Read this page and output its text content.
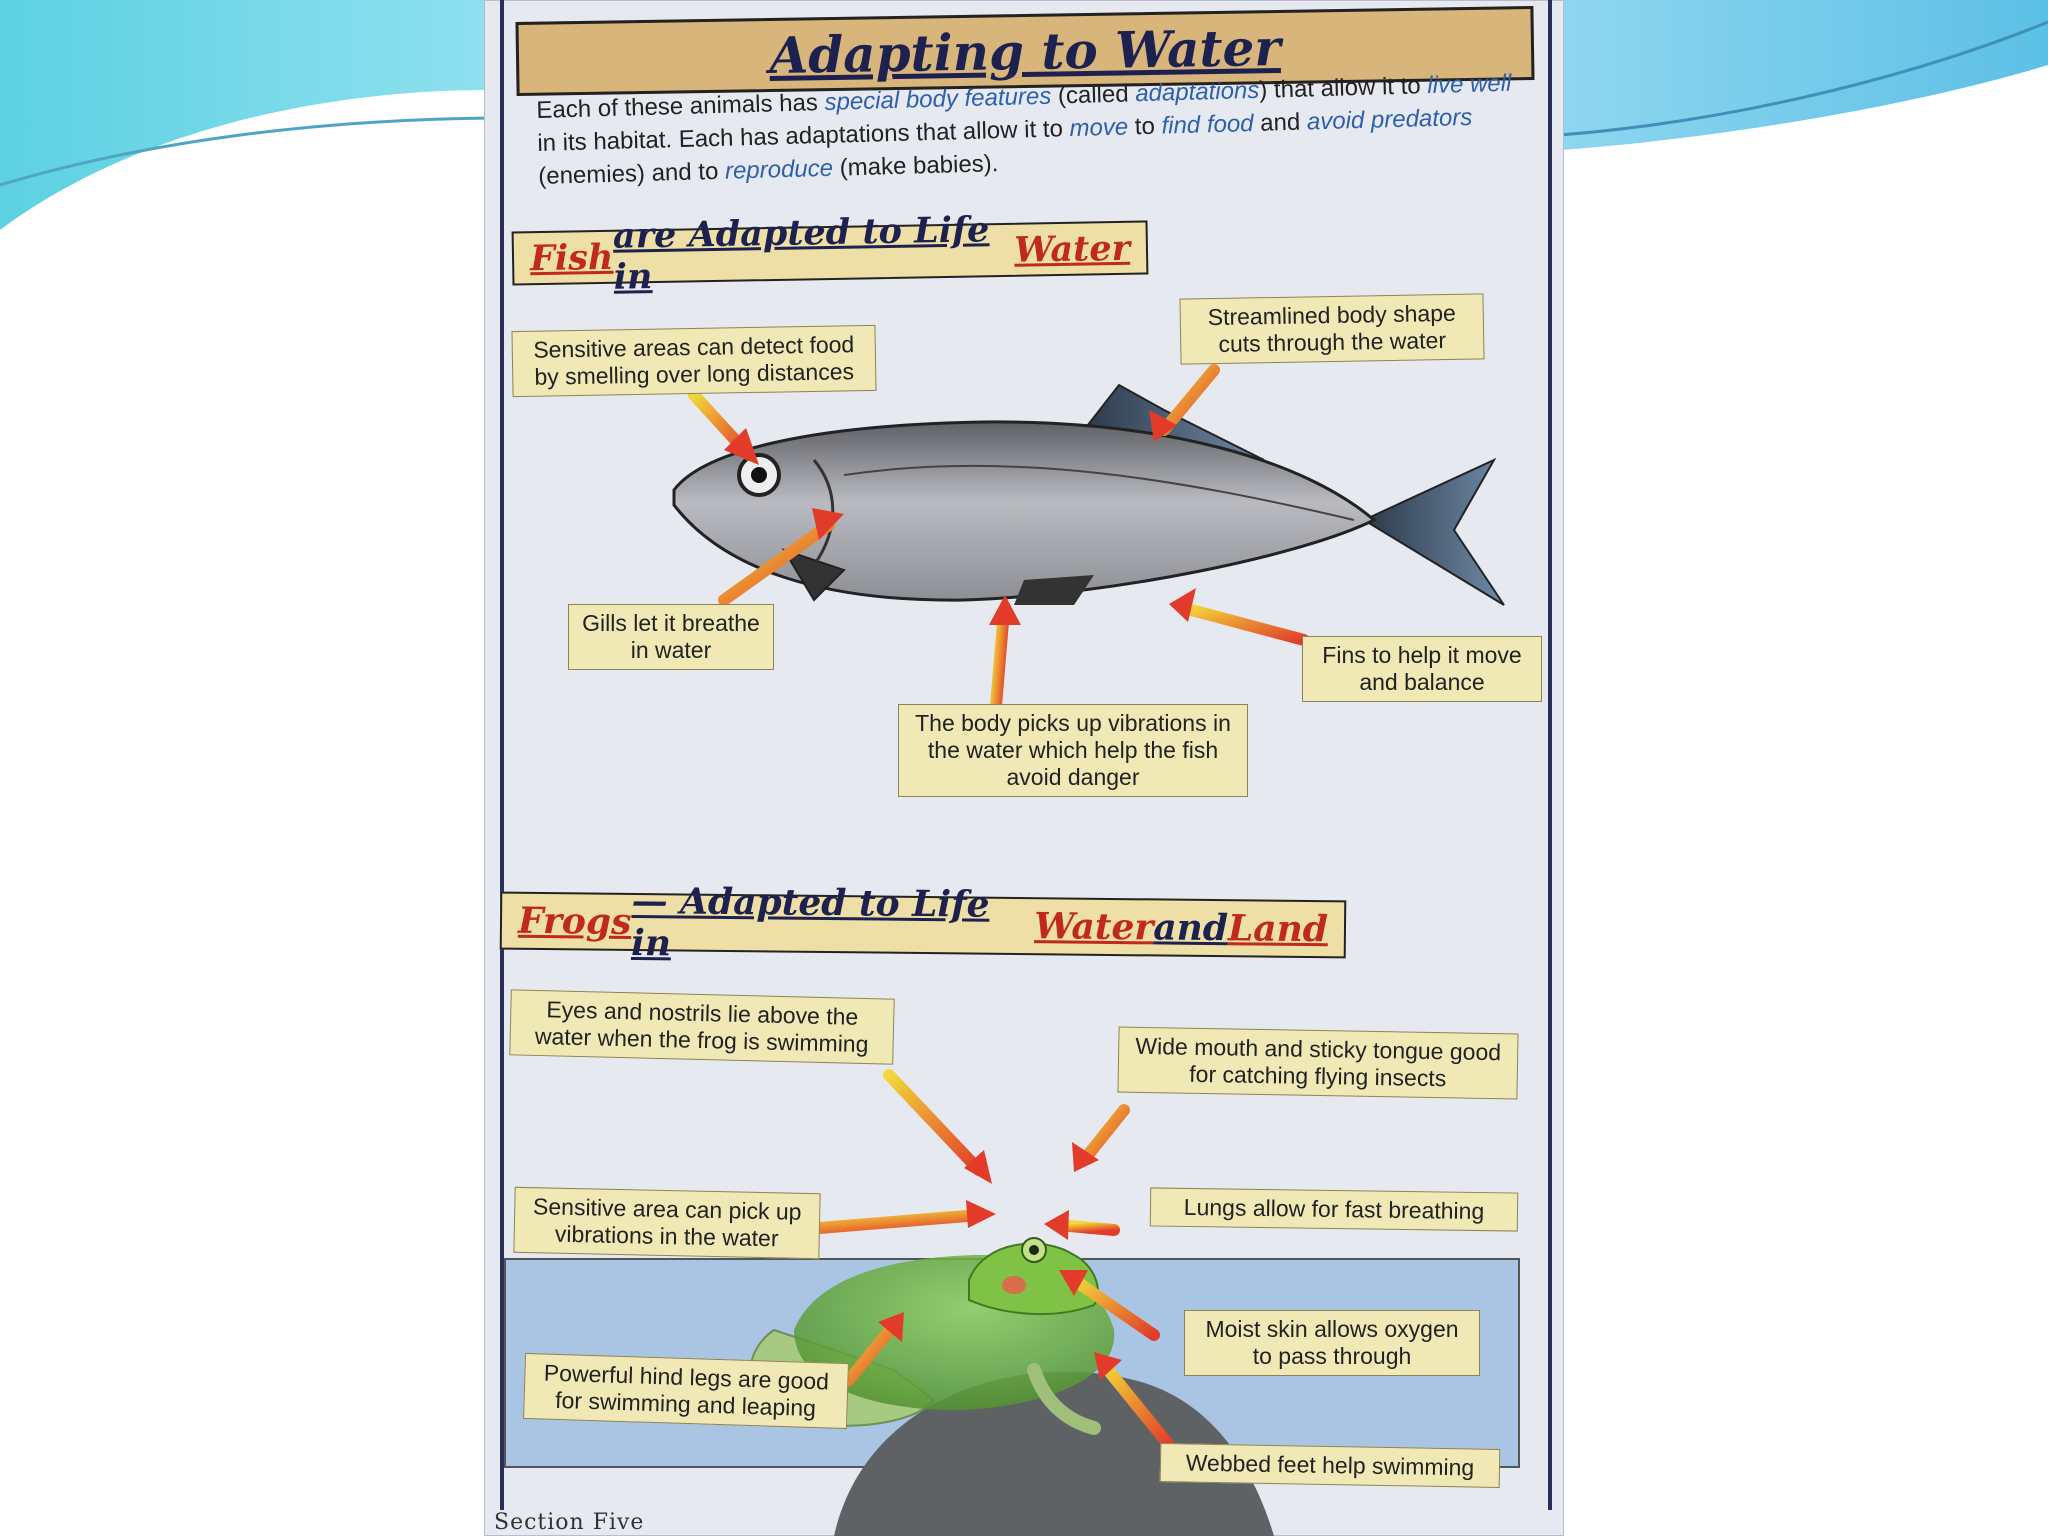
Adapting to Water
Each of these animals has special body features (called adaptations) that allow it to live well in its habitat. Each has adaptations that allow it to move to find food and avoid predators (enemies) and to reproduce (make babies).
Fish
are Adapted to Life in
Water
Sensitive areas can detect food by smelling over long distances
Streamlined body shape cuts through the water
Gills let it breathe in water	Fins to help it move and balance
The body picks up vibrations in the water which help the fish avoid danger
Frogs — Adapted to Life in	Water and Land
Eyes and nostrils lie above the water when the frog is swimming	Wide mouth and sticky tongue good for catching flying insects
Sensitive area can pick up vibrations in the water
Lungs allow for fast breathing
Moist skin allows oxygen to pass through
Powerful hind legs are good for swimming and leaping
Webbed feet help swimming
Section Five
